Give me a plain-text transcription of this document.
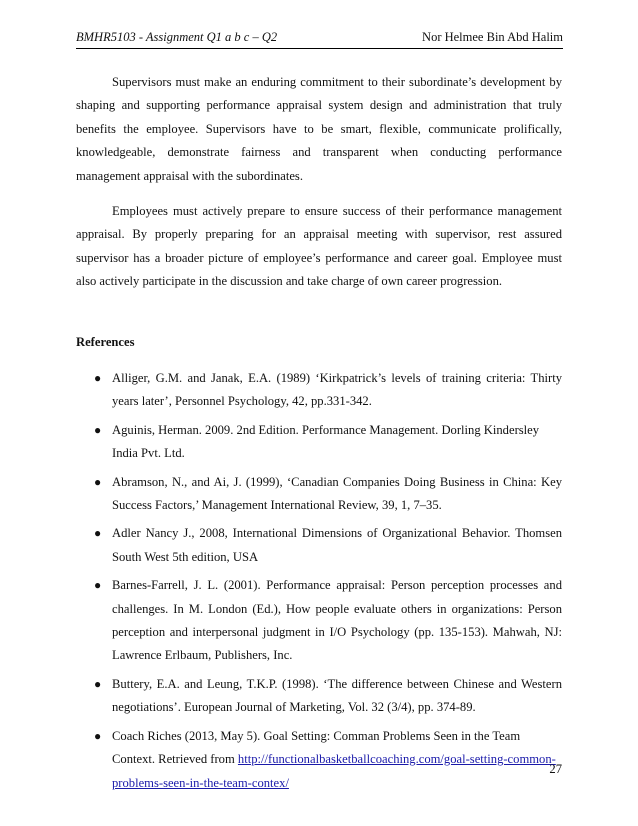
BMHR5103 - Assignment Q1 a b c – Q2	Nor Helmee Bin Abd Halim

Supervisors must make an enduring commitment to their subordinate’s development by shaping and supporting performance appraisal system design and administration that truly benefits the employee. Supervisors have to be smart, flexible, communicate prolifically, knowledgeable, demonstrate fairness and transparent when conducting performance management appraisal with the subordinates.

Employees must actively prepare to ensure success of their performance management appraisal. By properly preparing for an appraisal meeting with supervisor, rest assured supervisor has a broader picture of employee’s performance and career goal. Employee must also actively participate in the discussion and take charge of own career progression.

References

● Alliger, G.M. and Janak, E.A. (1989) ‘Kirkpatrick’s levels of training criteria: Thirty years later’, Personnel Psychology, 42, pp.331-342.
● Aguinis, Herman. 2009. 2nd Edition. Performance Management. Dorling Kindersley India Pvt. Ltd.
● Abramson, N., and Ai, J. (1999), ‘Canadian Companies Doing Business in China: Key Success Factors,’ Management International Review, 39, 1, 7–35.
● Adler Nancy J., 2008, International Dimensions of Organizational Behavior. Thomsen South West 5th edition, USA
● Barnes-Farrell, J. L. (2001). Performance appraisal: Person perception processes and challenges. In M. London (Ed.), How people evaluate others in organizations: Person perception and interpersonal judgment in I/O Psychology (pp. 135-153). Mahwah, NJ: Lawrence Erlbaum, Publishers, Inc.
● Buttery, E.A. and Leung, T.K.P. (1998). ‘The difference between Chinese and Western negotiations’. European Journal of Marketing, Vol. 32 (3/4), pp. 374-89.
● Coach Riches (2013, May 5). Goal Setting: Comman Problems Seen in the Team Context. Retrieved from http://functionalbasketballcoaching.com/goal-setting-common-problems-seen-in-the-team-contex/
27
